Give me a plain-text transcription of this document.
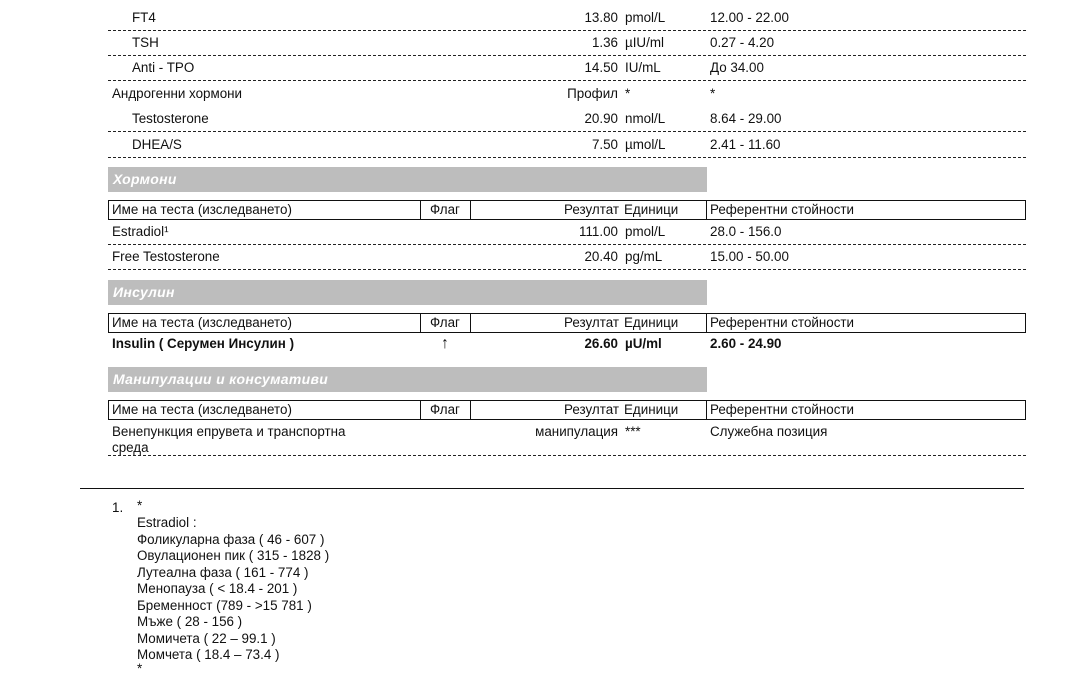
FT4	13.80 pmol/L	12.00 - 22.00
TSH	1.36 µIU/ml	0.27 - 4.20
Anti - TPO	14.50 IU/mL	До 34.00
Андрогенни хормони	Профил *	*
Testosterone	20.90 nmol/L	8.64 - 29.00
DHEA/S	7.50 µmol/L	2.41 - 11.60
Хормони
Име на теста (изследването)	Флаг	Резултат Единици Референтни стойности
Estradiol¹	111.00 pmol/L	28.0 - 156.0
Free Testosterone	20.40 pg/mL	15.00 - 50.00
Инсулин
Име на теста (изследването)	Флаг	Резултат Единици Референтни стойности
Insulin ( Серумен Инсулин )	↑	26.60 µU/ml	2.60 - 24.90
Манипулации и консумативи
Име на теста (изследването)	Флаг	Резултат Единици Референтни стойности
Венепункция епрувета и транспортна
среда
манипулация ***	Служебна позиция
1. *
Estradiol :
Фоликуларна фаза ( 46 - 607 )
Овулационен пик ( 315 - 1828 )
Лутеална фаза ( 161 - 774 )
Менопауза ( < 18.4 - 201 )
Бременност (789 - >15 781 )
Мъже ( 28 - 156 )
Момичета ( 22 – 99.1 )
Момчета ( 18.4 – 73.4 )
*
